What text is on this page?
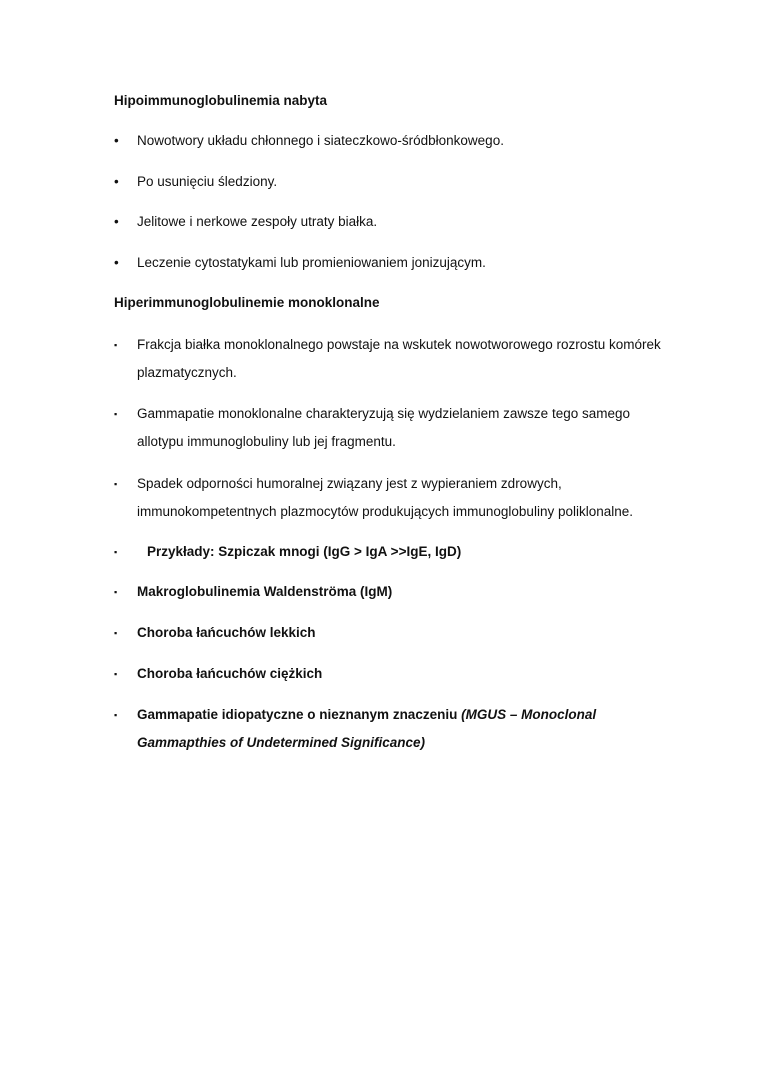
Hipoimmunoglobulinemia nabyta
•	Nowotwory układu chłonnego i siateczkowo-śródbłonkowego.
•	Po usunięciu śledziony.
•	Jelitowe i nerkowe zespoły utraty białka.
•	Leczenie cytostatykami lub promieniowaniem jonizującym.
Hiperimmunoglobulinemie monoklonalne
▪	Frakcja białka monoklonalnego powstaje na wskutek nowotworowego rozrostu komórek plazmatycznych.
▪	Gammapatie monoklonalne charakteryzują się wydzielaniem zawsze tego samego allotypu immunoglobuliny lub jej fragmentu.
▪	Spadek odporności humoralnej związany jest z wypieraniem zdrowych, immunokompetentnych plazmocytów produkujących immunoglobuliny poliklonalne.
▪	Przykłady: Szpiczak mnogi (IgG > IgA >>IgE, IgD)
▪	Makroglobulinemia Waldenströma (IgM)
▪	Choroba łańcuchów lekkich
▪	Choroba łańcuchów ciężkich
▪	Gammapatie idiopatyczne o nieznanym znaczeniu (MGUS – Monoclonal Gammapthies of Undetermined Significance)
